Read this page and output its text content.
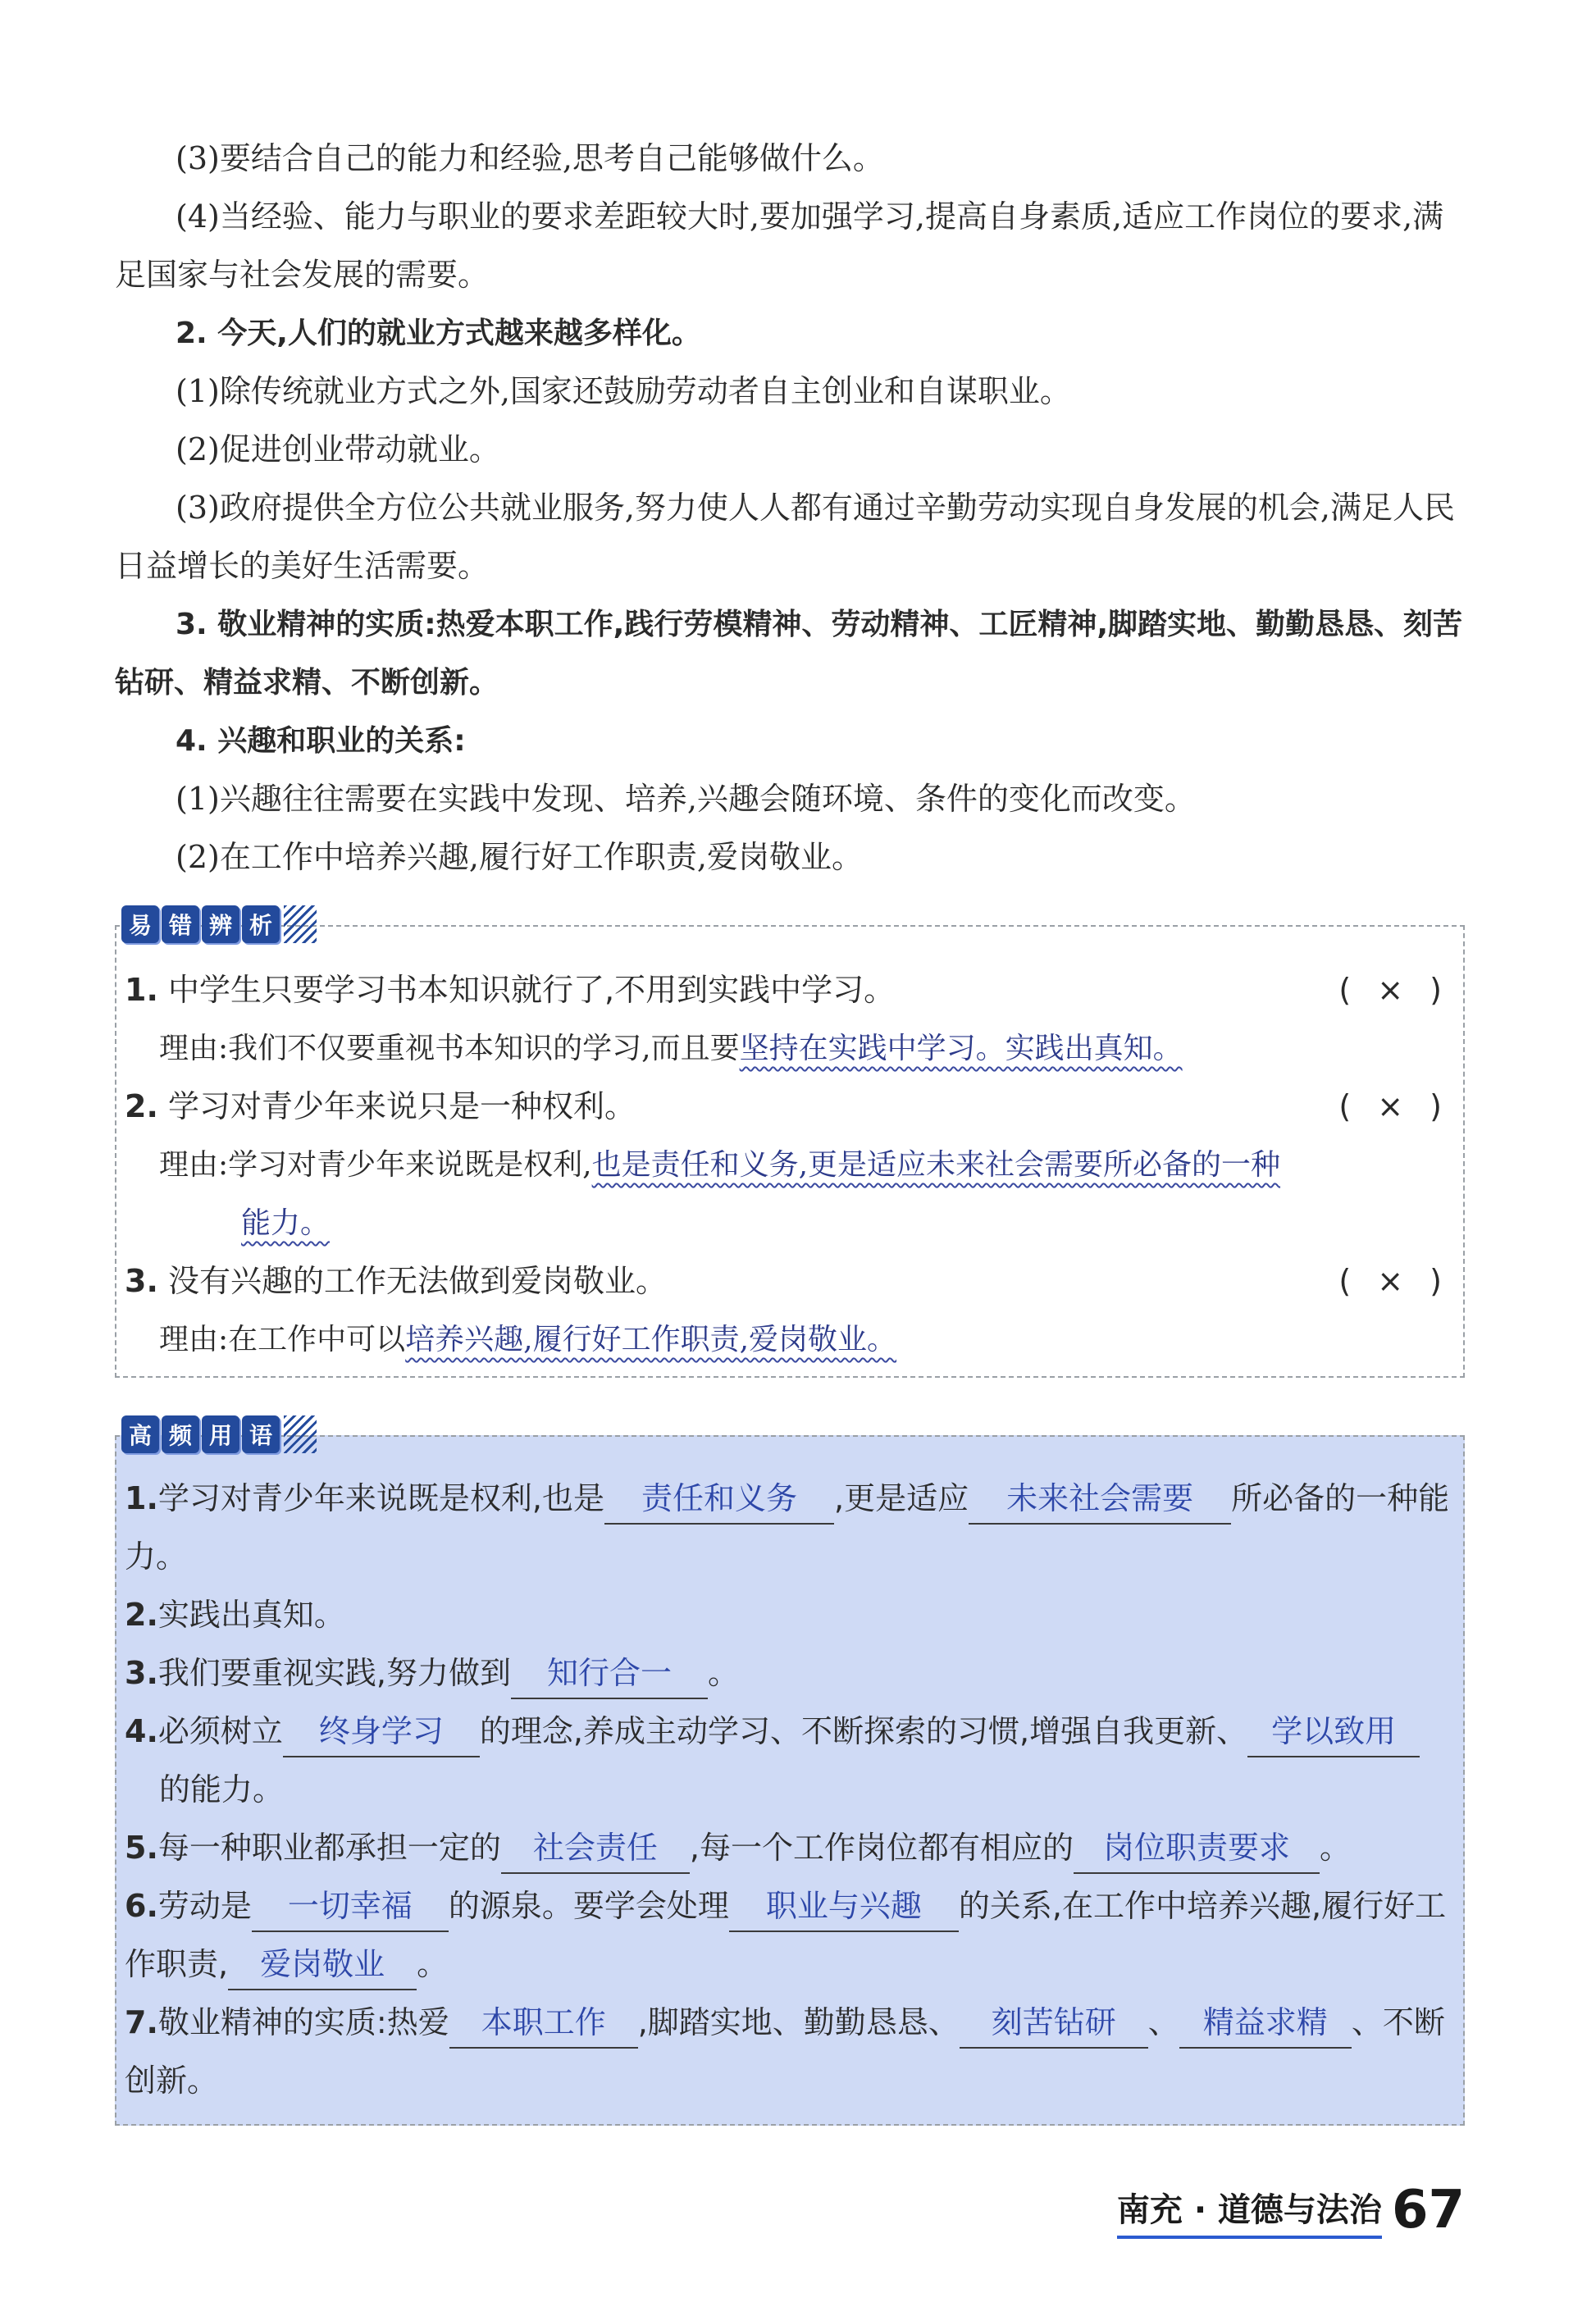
(3)要结合自己的能力和经验,思考自己能够做什么。

(4)当经验、能力与职业的要求差距较大时,要加强学习,提高自身素质,适应工作岗位的要求,满足国家与社会发展的需要。

2. 今天,人们的就业方式越来越多样化。

(1)除传统就业方式之外,国家还鼓励劳动者自主创业和自谋职业。

(2)促进创业带动就业。

(3)政府提供全方位公共就业服务,努力使人人都有通过辛勤劳动实现自身发展的机会,满足人民日益增长的美好生活需要。

3. 敬业精神的实质:热爱本职工作,践行劳模精神、劳动精神、工匠精神,脚踏实地、勤勤恳恳、刻苦钻研、精益求精、不断创新。

4. 兴趣和职业的关系:

(1)兴趣往往需要在实践中发现、培养,兴趣会随环境、条件的变化而改变。

(2)在工作中培养兴趣,履行好工作职责,爱岗敬业。

易 错 辨 析
1. 中学生只要学习书本知识就行了,不用到实践中学习。	( × )
理由:我们不仅要重视书本知识的学习,而且要坚持在实践中学习。实践出真知。
2. 学习对青少年来说只是一种权利。	( × )
理由:学习对青少年来说既是权利,也是责任和义务,更是适应未来社会需要所必备的一种
能力。
3. 没有兴趣的工作无法做到爱岗敬业。	( × )
理由:在工作中可以培养兴趣,履行好工作职责,爱岗敬业。
高 频 用 语
1.学习对青少年来说既是权利,也是 责任和义务 ,更是适应 未来社会需要 所必备的一种能力。
2.实践出真知。
3.我们要重视实践,努力做到 知行合一 。
4.必须树立 终身学习 的理念,养成主动学习、不断探索的习惯,增强自我更新、 学以致用
的能力。
5.每一种职业都承担一定的 社会责任 ,每一个工作岗位都有相应的 岗位职责要求 。
6.劳动是 一切幸福 的源泉。要学会处理 职业与兴趣 的关系,在工作中培养兴趣,履行好工作职责, 爱岗敬业 。
7.敬业精神的实质:热爱 本职工作 ,脚踏实地、勤勤恳恳、 刻苦钻研 、 精益求精 、不断创新。
南充 · 道德与法治 67
